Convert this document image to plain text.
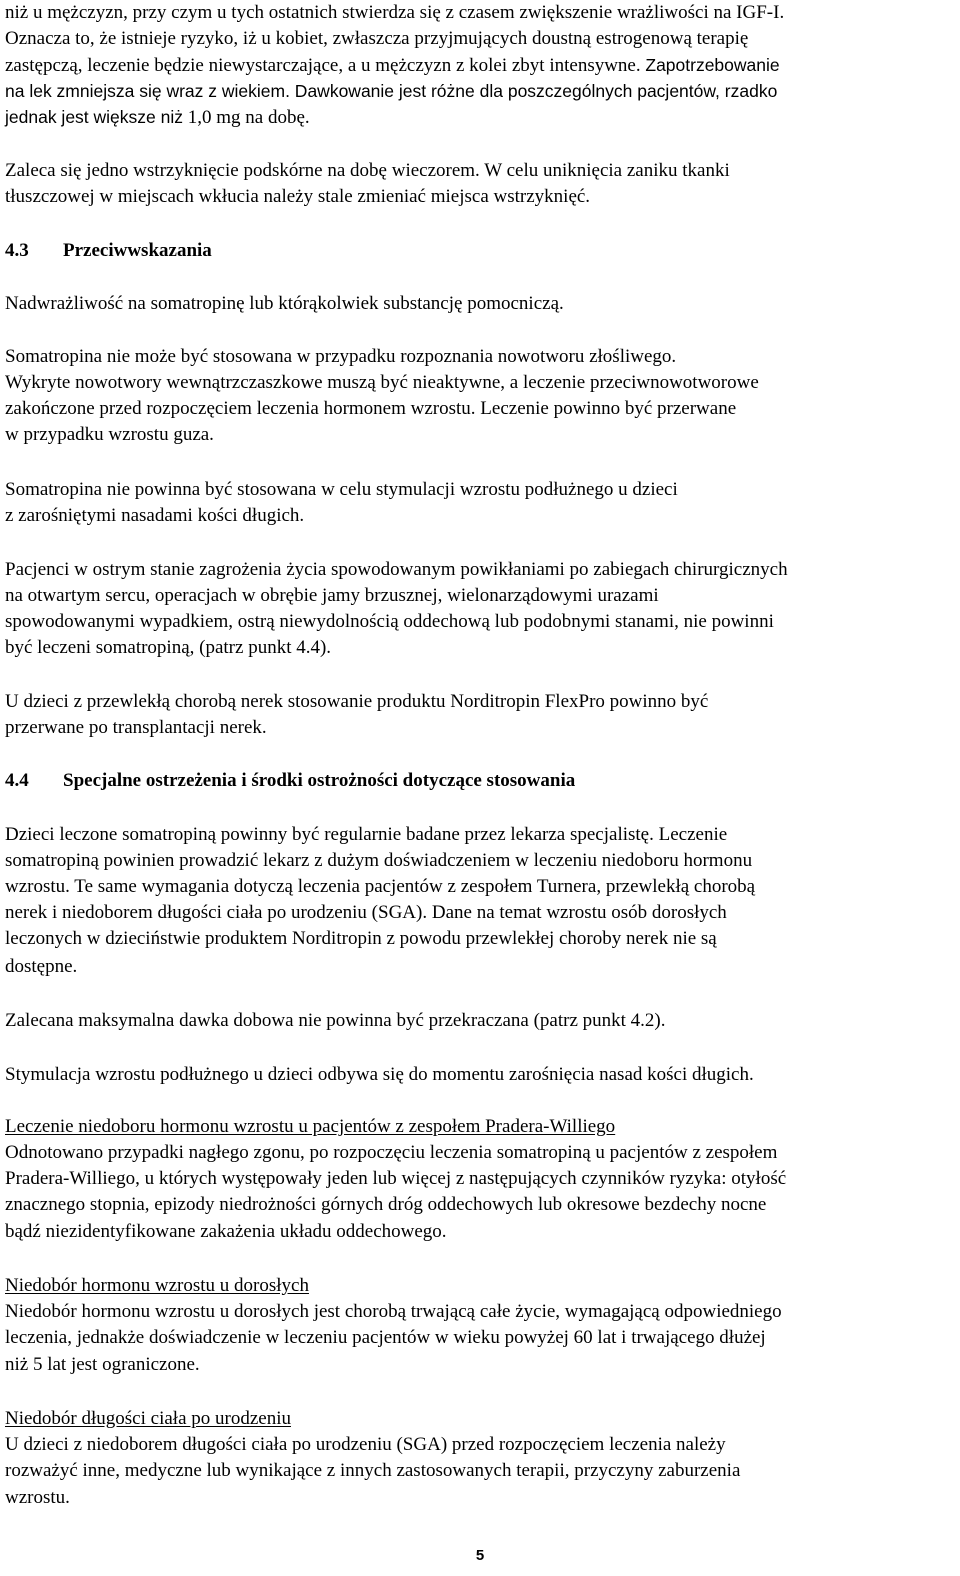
niż u mężczyzn, przy czym u tych ostatnich stwierdza się z czasem zwiększenie wrażliwości na IGF-I.
Oznacza to, że istnieje ryzyko, iż u kobiet, zwłaszcza przyjmujących doustną estrogenową terapię
zastępczą, leczenie będzie niewystarczające, a u mężczyzn z kolei zbyt intensywne. Zapotrzebowanie
na lek zmniejsza się wraz z wiekiem. Dawkowanie jest różne dla poszczególnych pacjentów, rzadko
jednak jest większe niż 1,0 mg na dobę.
Zaleca się jedno wstrzyknięcie podskórne na dobę wieczorem. W celu uniknięcia zaniku tkanki
tłuszczowej w miejscach wkłucia należy stale zmieniać miejsca wstrzyknięć.
4.3 Przeciwwskazania
Nadwrażliwość na somatropinę lub którąkolwiek substancję pomocniczą.
Somatropina nie może być stosowana w przypadku rozpoznania nowotworu złośliwego.
Wykryte nowotwory wewnątrzczaszkowe muszą być nieaktywne, a leczenie przeciwnowotworowe
zakończone przed rozpoczęciem leczenia hormonem wzrostu. Leczenie powinno być przerwane
w przypadku wzrostu guza.
Somatropina nie powinna być stosowana w celu stymulacji wzrostu podłużnego u dzieci
z zarośniętymi nasadami kości długich.
Pacjenci w ostrym stanie zagrożenia życia spowodowanym powikłaniami po zabiegach chirurgicznych
na otwartym sercu, operacjach w obrębie jamy brzusznej, wielonarządowymi urazami
spowodowanymi wypadkiem, ostrą niewydolnością oddechową lub podobnymi stanami, nie powinni
być leczeni somatropiną, (patrz punkt 4.4).
U dzieci z przewlekłą chorobą nerek stosowanie produktu Norditropin FlexPro powinno być
przerwane po transplantacji nerek.
4.4 Specjalne ostrzeżenia i środki ostrożności dotyczące stosowania
Dzieci leczone somatropiną powinny być regularnie badane przez lekarza specjalistę. Leczenie
somatropiną powinien prowadzić lekarz z dużym doświadczeniem w leczeniu niedoboru hormonu
wzrostu. Te same wymagania dotyczą leczenia pacjentów z zespołem Turnera, przewlekłą chorobą
nerek i niedoborem długości ciała po urodzeniu (SGA). Dane na temat wzrostu osób dorosłych
leczonych w dzieciństwie produktem Norditropin z powodu przewlekłej choroby nerek nie są
dostępne.
Zalecana maksymalna dawka dobowa nie powinna być przekraczana (patrz punkt 4.2).
Stymulacja wzrostu podłużnego u dzieci odbywa się do momentu zarośnięcia nasad kości długich.
Leczenie niedoboru hormonu wzrostu u pacjentów z zespołem Pradera-Williego
Odnotowano przypadki nagłego zgonu, po rozpoczęciu leczenia somatropiną u pacjentów z zespołem
Pradera-Williego, u których występowały jeden lub więcej z następujących czynników ryzyka: otyłość
znacznego stopnia, epizody niedrożności górnych dróg oddechowych lub okresowe bezdechy nocne
bądź niezidentyfikowane zakażenia układu oddechowego.
Niedobór hormonu wzrostu u dorosłych
Niedobór hormonu wzrostu u dorosłych jest chorobą trwającą całe życie, wymagającą odpowiedniego
leczenia, jednakże doświadczenie w leczeniu pacjentów w wieku powyżej 60 lat i trwającego dłużej
niż 5 lat jest ograniczone.
Niedobór długości ciała po urodzeniu
U dzieci z niedoborem długości ciała po urodzeniu (SGA) przed rozpoczęciem leczenia należy
rozważyć inne, medyczne lub wynikające z innych zastosowanych terapii, przyczyny zaburzenia
wzrostu.
5
